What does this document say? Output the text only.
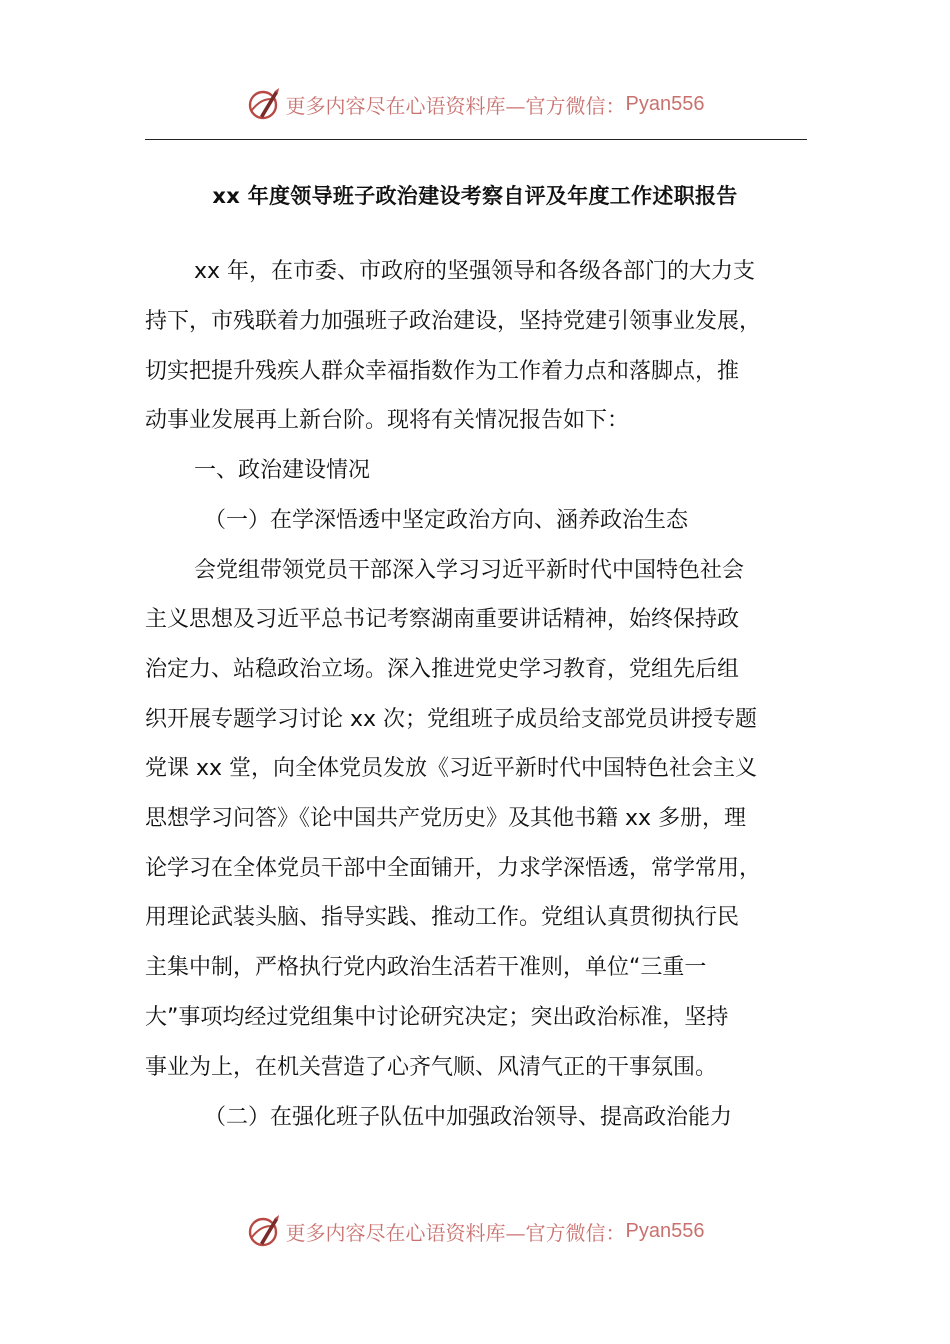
更多内容尽在心语资料库—官方微信： Pyan556
xx 年度领导班子政治建设考察自评及年度工作述职报告
xx 年，在市委、市政府的坚强领导和各级各部门的大力支
持下，市残联着力加强班子政治建设，坚持党建引领事业发展，
切实把提升残疾人群众幸福指数作为工作着力点和落脚点，推
动事业发展再上新台阶。现将有关情况报告如下：
一、政治建设情况
（一）在学深悟透中坚定政治方向、涵养政治生态
会党组带领党员干部深入学习习近平新时代中国特色社会
主义思想及习近平总书记考察湖南重要讲话精神，始终保持政
治定力、站稳政治立场。深入推进党史学习教育，党组先后组
织开展专题学习讨论 xx 次；党组班子成员给支部党员讲授专题
党课 xx 堂，向全体党员发放《习近平新时代中国特色社会主义
思想学习问答》《论中国共产党历史》及其他书籍 xx 多册，理
论学习在全体党员干部中全面铺开，力求学深悟透，常学常用，
用理论武装头脑、指导实践、推动工作。党组认真贯彻执行民
主集中制，严格执行党内政治生活若干准则，单位“三重一
大”事项均经过党组集中讨论研究决定；突出政治标准，坚持
事业为上，在机关营造了心齐气顺、风清气正的干事氛围。
（二）在强化班子队伍中加强政治领导、提高政治能力
更多内容尽在心语资料库—官方微信： Pyan556
